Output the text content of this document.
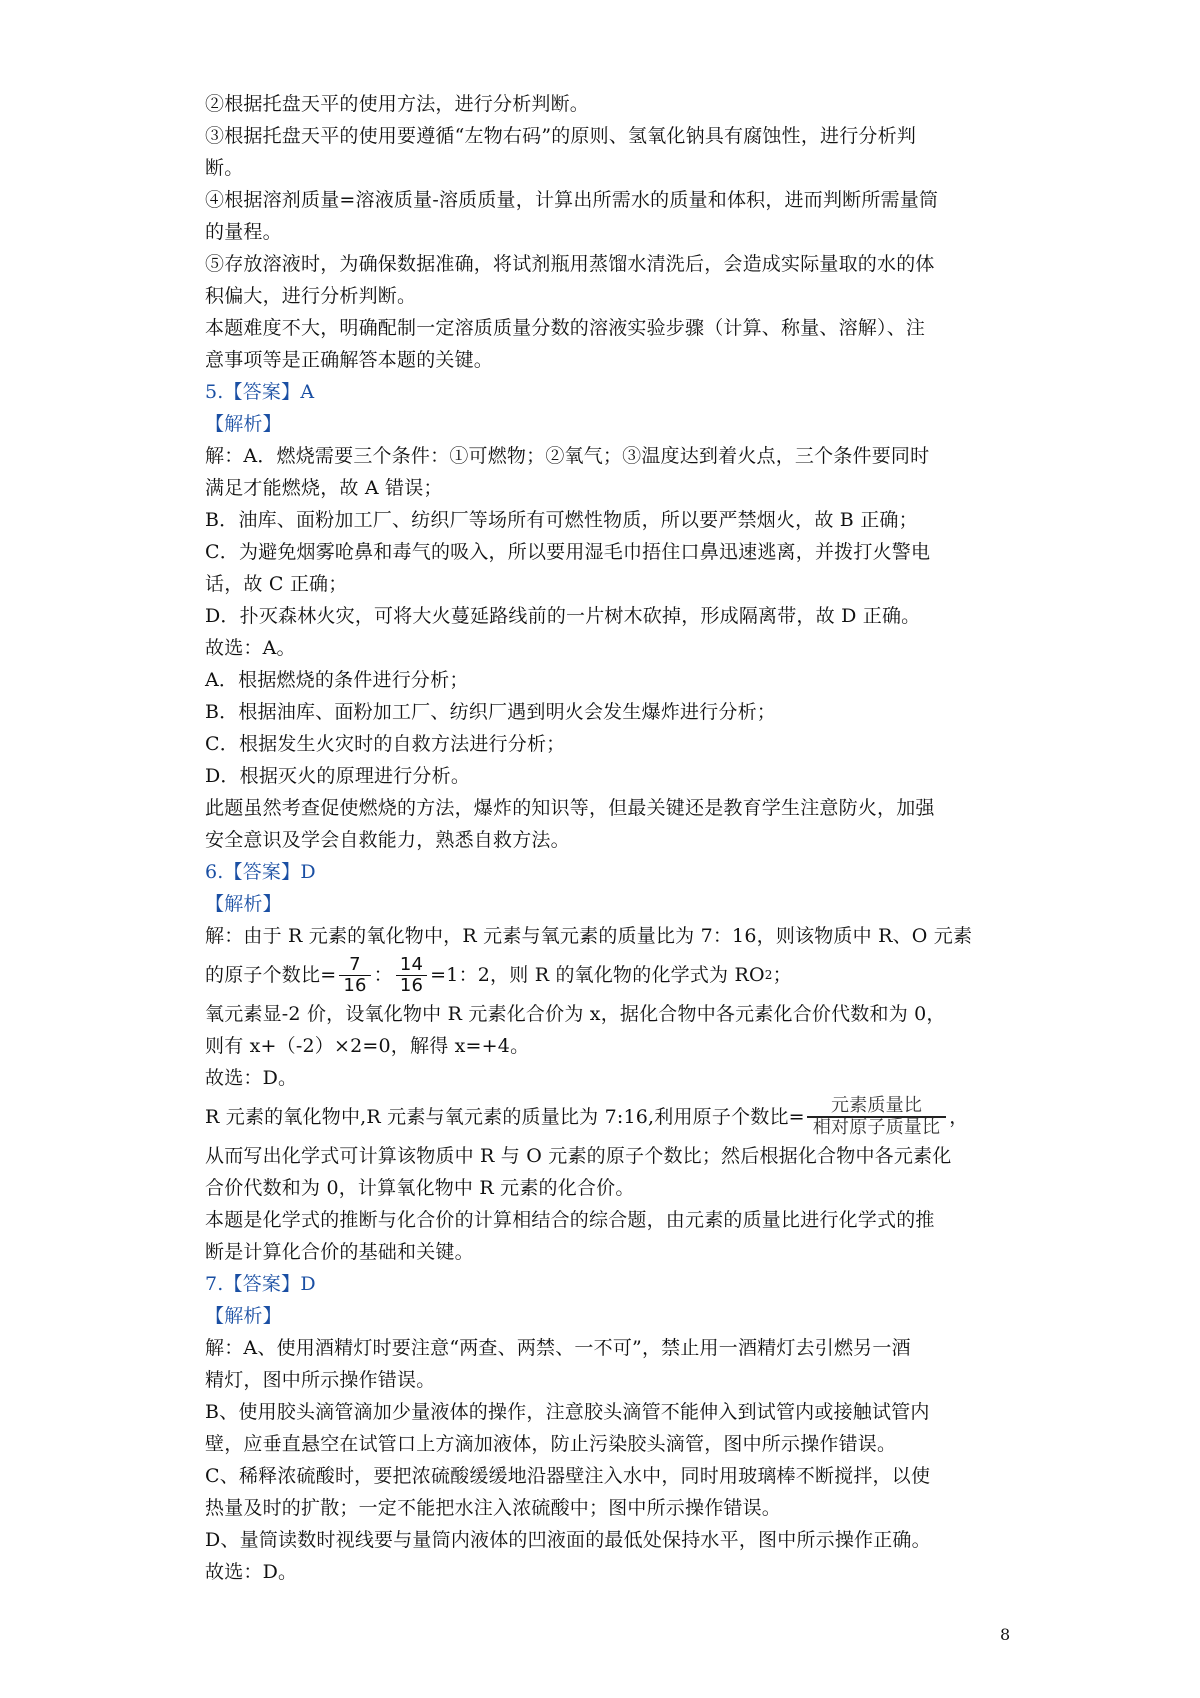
②根据托盘天平的使用方法，进行分析判断。
③根据托盘天平的使用要遵循“左物右码”的原则、氢氧化钠具有腐蚀性，进行分析判
断。
④根据溶剂质量=溶液质量-溶质质量，计算出所需水的质量和体积，进而判断所需量筒
的量程。
⑤存放溶液时，为确保数据准确，将试剂瓶用蒸馏水清洗后，会造成实际量取的水的体
积偏大，进行分析判断。
本题难度不大，明确配制一定溶质质量分数的溶液实验步骤（计算、称量、溶解）、注
意事项等是正确解答本题的关键。
5.【答案】A
【解析】
解：A．燃烧需要三个条件：①可燃物；②氧气；③温度达到着火点，三个条件要同时
满足才能燃烧，故 A 错误；
B．油库、面粉加工厂、纺织厂等场所有可燃性物质，所以要严禁烟火，故 B 正确；
C．为避免烟雾呛鼻和毒气的吸入，所以要用湿毛巾捂住口鼻迅速逃离，并拨打火警电
话，故 C 正确；
D．扑灭森林火灾，可将大火蔓延路线前的一片树木砍掉，形成隔离带，故 D 正确。
故选：A。
A．根据燃烧的条件进行分析；
B．根据油库、面粉加工厂、纺织厂遇到明火会发生爆炸进行分析；
C．根据发生火灾时的自救方法进行分析；
D．根据灭火的原理进行分析。
此题虽然考查促使燃烧的方法，爆炸的知识等，但最关键还是教育学生注意防火，加强
安全意识及学会自救能力，熟悉自救方法。
6.【答案】D
【解析】
解：由于 R 元素的氧化物中，R 元素与氧元素的质量比为 7：16，则该物质中 R、O 元素
的原子个数比= $\frac{7}{16}$ ： $\frac{14}{16} =1$：2，则 R 的氧化物的化学式为 RO 2 ；
氧元素显-2 价，设氧化物中 R 元素化合价为 x，据化合物中各元素化合价代数和为 0，
则有 x+（-2）×2=0，解得 x=+4。
故选：D。
R 元素的氧化物中,R 元素与氧元素的质量比为 7:16,利用原子个数比= $\frac{\text{元素质量比}}{\text{相对原子质量比}}$ ，
从而写出化学式可计算该物质中 R 与 O 元素的原子个数比；然后根据化合物中各元素化
合价代数和为 0，计算氧化物中 R 元素的化合价。
本题是化学式的推断与化合价的计算相结合的综合题，由元素的质量比进行化学式的推
断是计算化合价的基础和关键。
7.【答案】D
【解析】
解：A、使用酒精灯时要注意“两查、两禁、一不可”，禁止用一酒精灯去引燃另一酒
精灯，图中所示操作错误。
B、使用胶头滴管滴加少量液体的操作，注意胶头滴管不能伸入到试管内或接触试管内
壁，应垂直悬空在试管口上方滴加液体，防止污染胶头滴管，图中所示操作错误。
C、稀释浓硫酸时，要把浓硫酸缓缓地沿器壁注入水中，同时用玻璃棒不断搅拌，以使
热量及时的扩散；一定不能把水注入浓硫酸中；图中所示操作错误。
D、量筒读数时视线要与量筒内液体的凹液面的最低处保持水平，图中所示操作正确。
故选：D。
8
